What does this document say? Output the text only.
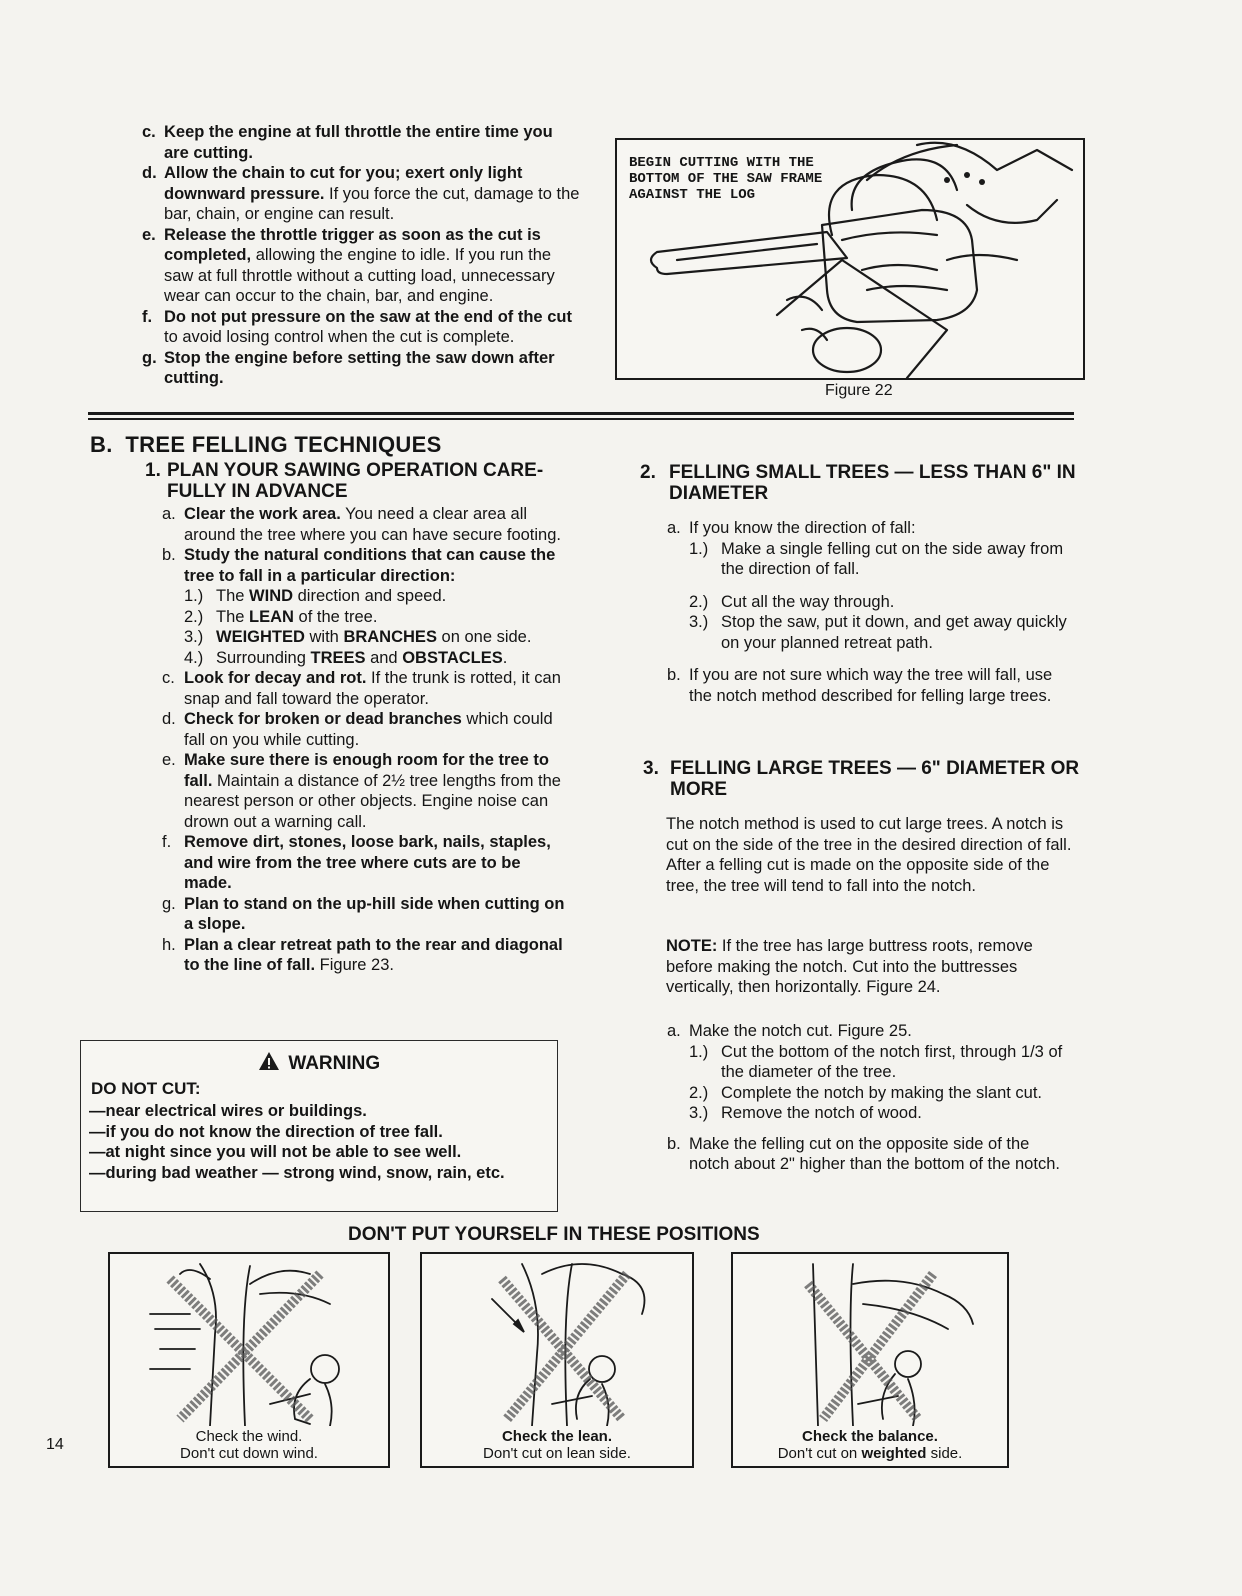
c. Keep the engine at full throttle the entire time you are cutting.
d. Allow the chain to cut for you; exert only light downward pressure. If you force the cut, damage to the bar, chain, or engine can result.
e. Release the throttle trigger as soon as the cut is completed, allowing the engine to idle. If you run the saw at full throttle without a cutting load, unnecessary wear can occur to the chain, bar, and engine.
f. Do not put pressure on the saw at the end of the cut to avoid losing control when the cut is complete.
g. Stop the engine before setting the saw down after cutting.
BEGIN CUTTING WITH THE BOTTOM OF THE SAW FRAME AGAINST THE LOG
Figure 22
B.  TREE FELLING TECHNIQUES
1. PLAN YOUR SAWING OPERATION CARE-FULLY IN ADVANCE
a. Clear the work area. You need a clear area all around the tree where you can have secure footing.
b. Study the natural conditions that can cause the tree to fall in a particular direction:
1.) The WIND direction and speed.
2.) The LEAN of the tree.
3.) WEIGHTED with BRANCHES on one side.
4.) Surrounding TREES and OBSTACLES.
c. Look for decay and rot. If the trunk is rotted, it can snap and fall toward the operator.
d. Check for broken or dead branches which could fall on you while cutting.
e. Make sure there is enough room for the tree to fall. Maintain a distance of 2½ tree lengths from the nearest person or other objects. Engine noise can drown out a warning call.
f. Remove dirt, stones, loose bark, nails, staples, and wire from the tree where cuts are to be made.
g. Plan to stand on the up-hill side when cutting on a slope.
h. Plan a clear retreat path to the rear and diagonal to the line of fall. Figure 23.
WARNING
DO NOT CUT:
—near electrical wires or buildings.
—if you do not know the direction of tree fall.
—at night since you will not be able to see well.
—during bad weather — strong wind, snow, rain, etc.
2. FELLING SMALL TREES — LESS THAN 6" IN DIAMETER
a. If you know the direction of fall:
1.) Make a single felling cut on the side away from the direction of fall.
2.) Cut all the way through.
3.) Stop the saw, put it down, and get away quickly on your planned retreat path.
b. If you are not sure which way the tree will fall, use the notch method described for felling large trees.
3. FELLING LARGE TREES — 6" DIAMETER OR MORE
The notch method is used to cut large trees. A notch is cut on the side of the tree in the desired direction of fall. After a felling cut is made on the opposite side of the tree, the tree will tend to fall into the notch.
NOTE: If the tree has large buttress roots, remove before making the notch. Cut into the buttresses vertically, then horizontally. Figure 24.
a. Make the notch cut. Figure 25.
1.) Cut the bottom of the notch first, through 1/3 of the diameter of the tree.
2.) Complete the notch by making the slant cut.
3.) Remove the notch of wood.
b. Make the felling cut on the opposite side of the notch about 2" higher than the bottom of the notch.
DON'T PUT YOURSELF IN THESE POSITIONS
Check the wind.
Don't cut down wind.
Check the lean.
Don't cut on lean side.
Check the balance.
Don't cut on weighted side.
14
